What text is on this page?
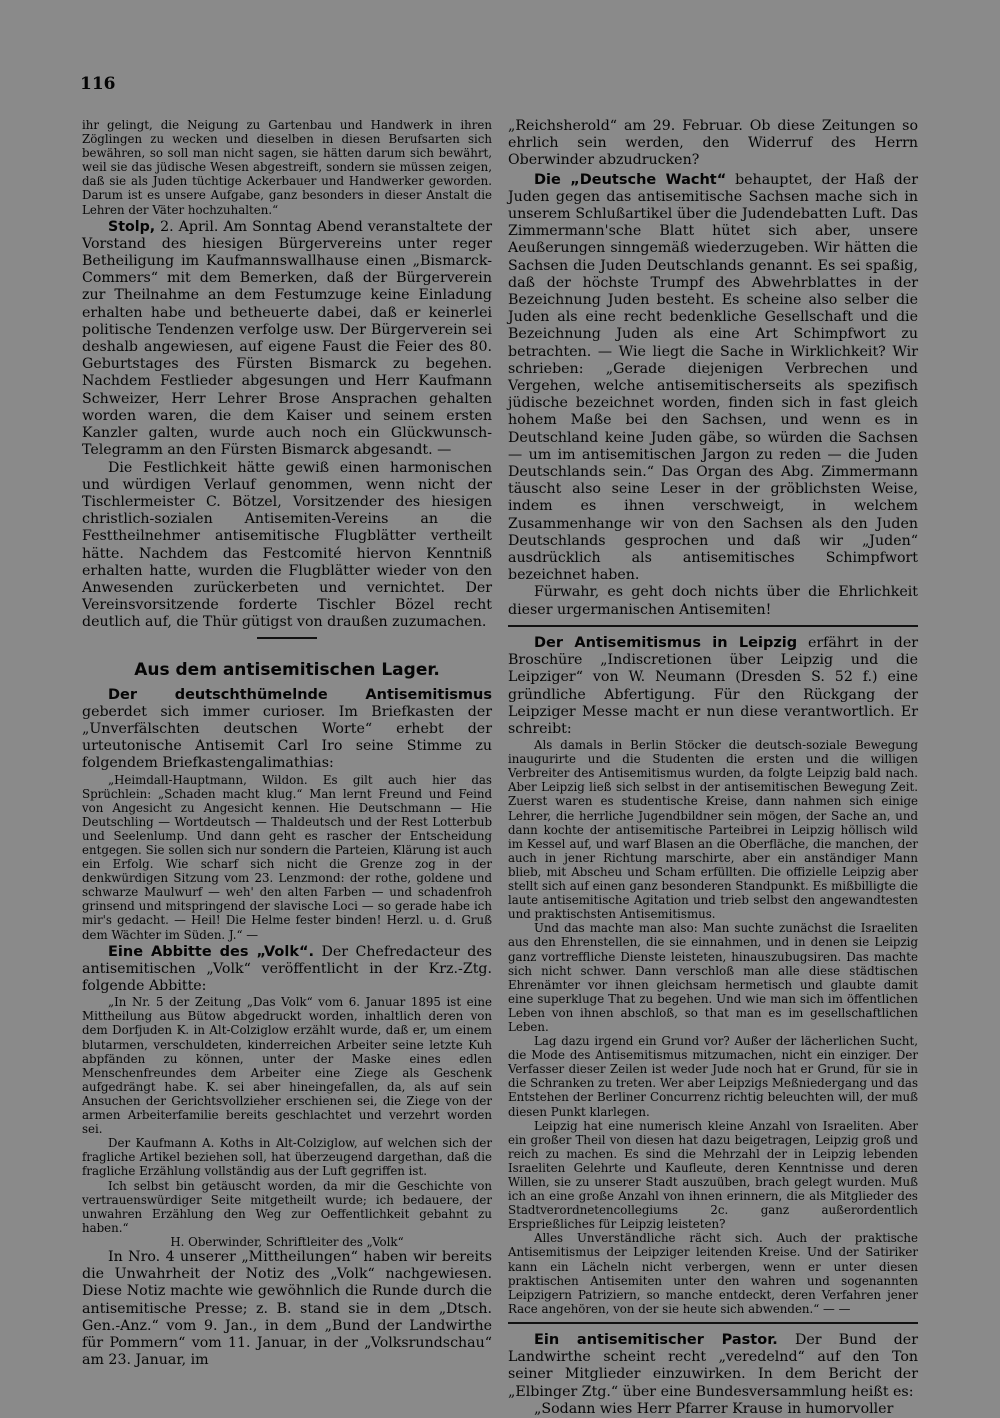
116

ihr gelingt, die Neigung zu Gartenbau und Handwerk in ihren Zöglingen zu wecken und dieselben in diesen Berufsarten sich bewähren, so soll man nicht sagen, sie hätten darum sich bewährt, weil sie das jüdische Wesen abgestreift, sondern sie müssen zeigen, daß sie als Juden tüchtige Ackerbauer und Handwerker geworden. Darum ist es unsere Aufgabe, ganz besonders in dieser Anstalt die Lehren der Väter hochzuhalten.“

Stolp, 2. April. Am Sonntag Abend veranstaltete der Vorstand des hiesigen Bürgervereins unter reger Betheiligung im Kaufmannswallhause einen „Bismarck-Commers“ mit dem Bemerken, daß der Bürgerverein zur Theilnahme an dem Festumzuge keine Einladung erhalten habe und betheuerte dabei, daß er keinerlei politische Tendenzen verfolge usw. Der Bürgerverein sei deshalb angewiesen, auf eigene Faust die Feier des 80. Geburtstages des Fürsten Bismarck zu begehen. Nachdem Festlieder abgesungen und Herr Kaufmann Schweizer, Herr Lehrer Brose Ansprachen gehalten worden waren, die dem Kaiser und seinem ersten Kanzler galten, wurde auch noch ein Glückwunsch-Telegramm an den Fürsten Bismarck abgesandt. —

Die Festlichkeit hätte gewiß einen harmonischen und würdigen Verlauf genommen, wenn nicht der Tischlermeister C. Bötzel, Vorsitzender des hiesigen christlich-sozialen Antisemiten-Vereins an die Festtheilnehmer antisemitische Flugblätter vertheilt hätte. Nachdem das Festcomité hiervon Kenntniß erhalten hatte, wurden die Flugblätter wieder von den Anwesenden zurückerbeten und vernichtet. Der Vereinsvorsitzende forderte Tischler Bözel recht deutlich auf, die Thür gütigst von draußen zuzumachen.

Aus dem antisemitischen Lager.

Der deutschthümelnde Antisemitismus geberdet sich immer curioser. Im Briefkasten der „Unverfälschten deutschen Worte“ erhebt der urteutonische Antisemit Carl Iro seine Stimme zu folgendem Briefkastengalimathias:

„Heimdall-Hauptmann, Wildon. Es gilt auch hier das Sprüchlein: „Schaden macht klug.“ Man lernt Freund und Feind von Angesicht zu Angesicht kennen. Hie Deutschmann — Hie Deutschling — Wortdeutsch — Thaldeutsch und der Rest Lotterbub und Seelenlump. Und dann geht es rascher der Entscheidung entgegen. Sie sollen sich nur sondern die Parteien, Klärung ist auch ein Erfolg. Wie scharf sich nicht die Grenze zog in der denkwürdigen Sitzung vom 23. Lenzmond: der rothe, goldene und schwarze Maulwurf — weh' den alten Farben — und schadenfroh grinsend und mitspringend der slavische Loci — so gerade habe ich mir's gedacht. — Heil! Die Helme fester binden! Herzl. u. d. Gruß dem Wächter im Süden. J.“ —

Eine Abbitte des „Volk“. Der Chefredacteur des antisemitischen „Volk“ veröffentlicht in der Krz.-Ztg. folgende Abbitte:

„In Nr. 5 der Zeitung „Das Volk“ vom 6. Januar 1895 ist eine Mittheilung aus Bütow abgedruckt worden, inhaltlich deren von dem Dorfjuden K. in Alt-Colziglow erzählt wurde, daß er, um einem blutarmen, verschuldeten, kinderreichen Arbeiter seine letzte Kuh abpfänden zu können, unter der Maske eines edlen Menschenfreundes dem Arbeiter eine Ziege als Geschenk aufgedrängt habe. K. sei aber hineingefallen, da, als auf sein Ansuchen der Gerichtsvollzieher erschienen sei, die Ziege von der armen Arbeiterfamilie bereits geschlachtet und verzehrt worden sei.

Der Kaufmann A. Koths in Alt-Colziglow, auf welchen sich der fragliche Artikel beziehen soll, hat überzeugend dargethan, daß die fragliche Erzählung vollständig aus der Luft gegriffen ist.

Ich selbst bin getäuscht worden, da mir die Geschichte von vertrauenswürdiger Seite mitgetheilt wurde; ich bedauere, der unwahren Erzählung den Weg zur Oeffentlichkeit gebahnt zu haben.“

H. Oberwinder, Schriftleiter des „Volk“

In Nro. 4 unserer „Mittheilungen“ haben wir bereits die Unwahrheit der Notiz des „Volk“ nachgewiesen. Diese Notiz machte wie gewöhnlich die Runde durch die antisemitische Presse; z. B. stand sie in dem „Dtsch. Gen.-Anz.“ vom 9. Jan., in dem „Bund der Landwirthe für Pommern“ vom 11. Januar, in der „Volksrundschau“ am 23. Januar, im

„Reichsherold“ am 29. Februar. Ob diese Zeitungen so ehrlich sein werden, den Widerruf des Herrn Oberwinder abzudrucken?

Die „Deutsche Wacht“ behauptet, der Haß der Juden gegen das antisemitische Sachsen mache sich in unserem Schlußartikel über die Judendebatten Luft. Das Zimmermann'sche Blatt hütet sich aber, unsere Aeußerungen sinngemäß wiederzugeben. Wir hätten die Sachsen die Juden Deutschlands genannt. Es sei spaßig, daß der höchste Trumpf des Abwehrblattes in der Bezeichnung Juden besteht. Es scheine also selber die Juden als eine recht bedenkliche Gesellschaft und die Bezeichnung Juden als eine Art Schimpfwort zu betrachten. — Wie liegt die Sache in Wirklichkeit? Wir schrieben: „Gerade diejenigen Verbrechen und Vergehen, welche antisemitischerseits als spezifisch jüdische bezeichnet worden, finden sich in fast gleich hohem Maße bei den Sachsen, und wenn es in Deutschland keine Juden gäbe, so würden die Sachsen — um im antisemitischen Jargon zu reden — die Juden Deutschlands sein.“ Das Organ des Abg. Zimmermann täuscht also seine Leser in der gröblichsten Weise, indem es ihnen verschweigt, in welchem Zusammenhange wir von den Sachsen als den Juden Deutschlands gesprochen und daß wir „Juden“ ausdrücklich als antisemitisches Schimpfwort bezeichnet haben.

Fürwahr, es geht doch nichts über die Ehrlichkeit dieser urgermanischen Antisemiten!

Der Antisemitismus in Leipzig erfährt in der Broschüre „Indiscretionen über Leipzig und die Leipziger“ von W. Neumann (Dresden S. 52 f.) eine gründliche Abfertigung. Für den Rückgang der Leipziger Messe macht er nun diese verantwortlich. Er schreibt:

Als damals in Berlin Stöcker die deutsch-soziale Bewegung inaugurirte und die Studenten die ersten und die willigen Verbreiter des Antisemitismus wurden, da folgte Leipzig bald nach. Aber Leipzig ließ sich selbst in der antisemitischen Bewegung Zeit. Zuerst waren es studentische Kreise, dann nahmen sich einige Lehrer, die herrliche Jugendbildner sein mögen, der Sache an, und dann kochte der antisemitische Parteibrei in Leipzig höllisch wild im Kessel auf, und warf Blasen an die Oberfläche, die manchen, der auch in jener Richtung marschirte, aber ein anständiger Mann blieb, mit Abscheu und Scham erfüllten. Die offizielle Leipzig aber stellt sich auf einen ganz besonderen Standpunkt. Es mißbilligte die laute antisemitische Agitation und trieb selbst den angewandtesten und praktischsten Antisemitismus.

Und das machte man also: Man suchte zunächst die Israeliten aus den Ehrenstellen, die sie einnahmen, und in denen sie Leipzig ganz vortreffliche Dienste leisteten, hinauszubugsiren. Das machte sich nicht schwer. Dann verschloß man alle diese städtischen Ehrenämter vor ihnen gleichsam hermetisch und glaubte damit eine superkluge That zu begehen. Und wie man sich im öffentlichen Leben von ihnen abschloß, so that man es im gesellschaftlichen Leben.

Lag dazu irgend ein Grund vor? Außer der lächerlichen Sucht, die Mode des Antisemitismus mitzumachen, nicht ein einziger. Der Verfasser dieser Zeilen ist weder Jude noch hat er Grund, für sie in die Schranken zu treten. Wer aber Leipzigs Meßniedergang und das Entstehen der Berliner Concurrenz richtig beleuchten will, der muß diesen Punkt klarlegen.

Leipzig hat eine numerisch kleine Anzahl von Israeliten. Aber ein großer Theil von diesen hat dazu beigetragen, Leipzig groß und reich zu machen. Es sind die Mehrzahl der in Leipzig lebenden Israeliten Gelehrte und Kaufleute, deren Kenntnisse und deren Willen, sie zu unserer Stadt auszuüben, brach gelegt wurden. Muß ich an eine große Anzahl von ihnen erinnern, die als Mitglieder des Stadtverordnetencollegiums 2c. ganz außerordentlich Ersprießliches für Leipzig leisteten?

Alles Unverständliche rächt sich. Auch der praktische Antisemitismus der Leipziger leitenden Kreise. Und der Satiriker kann ein Lächeln nicht verbergen, wenn er unter diesen praktischen Antisemiten unter den wahren und sogenannten Leipzigern Patriziern, so manche entdeckt, deren Verfahren jener Race angehören, von der sie heute sich abwenden.“ — —

Ein antisemitischer Pastor. Der Bund der Landwirthe scheint recht „veredelnd“ auf den Ton seiner Mitglieder einzuwirken. In dem Bericht der „Elbinger Ztg.“ über eine Bundesversammlung heißt es:

„Sodann wies Herr Pfarrer Krause in humorvoller
